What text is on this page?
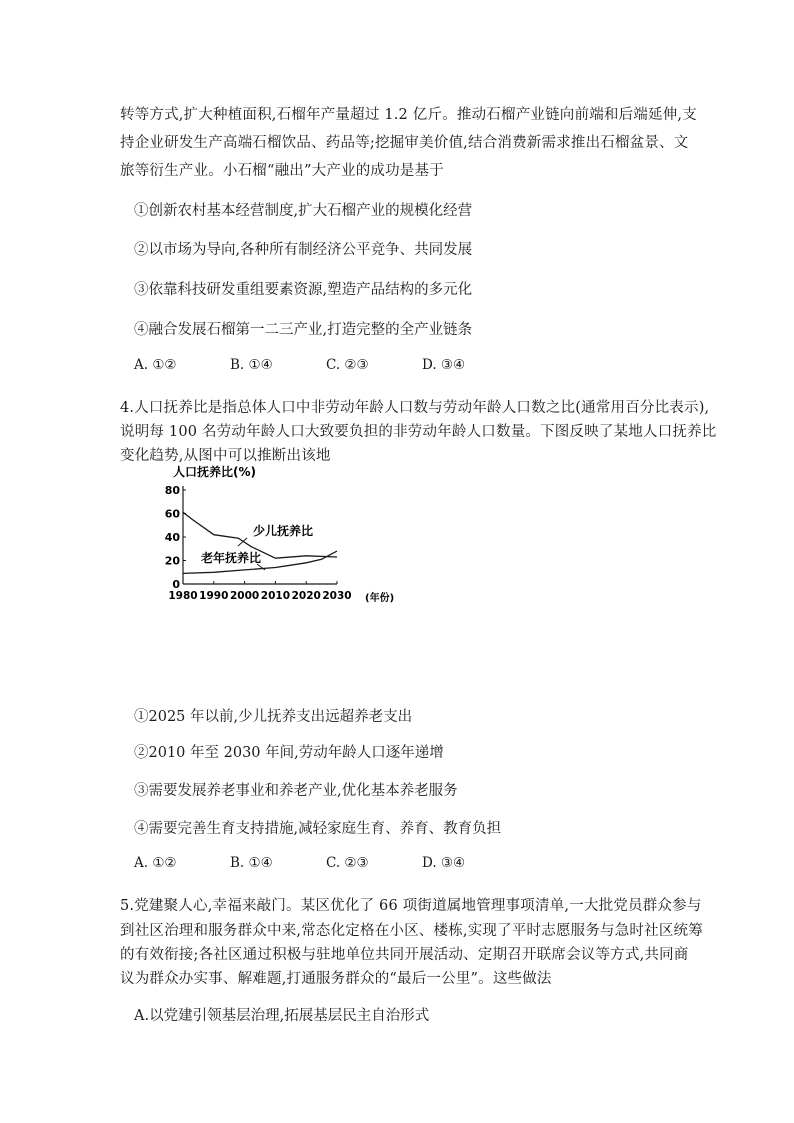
转等方式,扩大种植面积,石榴年产量超过 1.2 亿斤。推动石榴产业链向前端和后端延伸,支
持企业研发生产高端石榴饮品、药品等;挖掘审美价值,结合消费新需求推出石榴盆景、文
旅等衍生产业。小石榴“融出”大产业的成功是基于
①创新农村基本经营制度,扩大石榴产业的规模化经营
②以市场为导向,各种所有制经济公平竞争、共同发展
③依靠科技研发重组要素资源,塑造产品结构的多元化
④融合发展石榴第一二三产业,打造完整的全产业链条
A. ①②	B. ①④	C. ②③	D. ③④
4.人口抚养比是指总体人口中非劳动年龄人口数与劳动年龄人口数之比(通常用百分比表示),
说明每 100 名劳动年龄人口大致要负担的非劳动年龄人口数量。下图反映了某地人口抚养比
变化趋势,从图中可以推断出该地
人口抚养比(%)
0
20
40
60
80
1980 1990 2000 2010 2020 2030 (年份)
少儿抚养比
老年抚养比
①2025 年以前,少儿抚养支出远超养老支出
②2010 年至 2030 年间,劳动年龄人口逐年递增
③需要发展养老事业和养老产业,优化基本养老服务
④需要完善生育支持措施,减轻家庭生育、养育、教育负担
A. ①②	B. ①④	C. ②③	D. ③④
5.党建聚人心,幸福来敲门。某区优化了 66 项街道属地管理事项清单,一大批党员群众参与
到社区治理和服务群众中来,常态化定格在小区、楼栋,实现了平时志愿服务与急时社区统筹
的有效衔接;各社区通过积极与驻地单位共同开展活动、定期召开联席会议等方式,共同商
议为群众办实事、解难题,打通服务群众的“最后一公里”。这些做法
A.以党建引领基层治理,拓展基层民主自治形式
